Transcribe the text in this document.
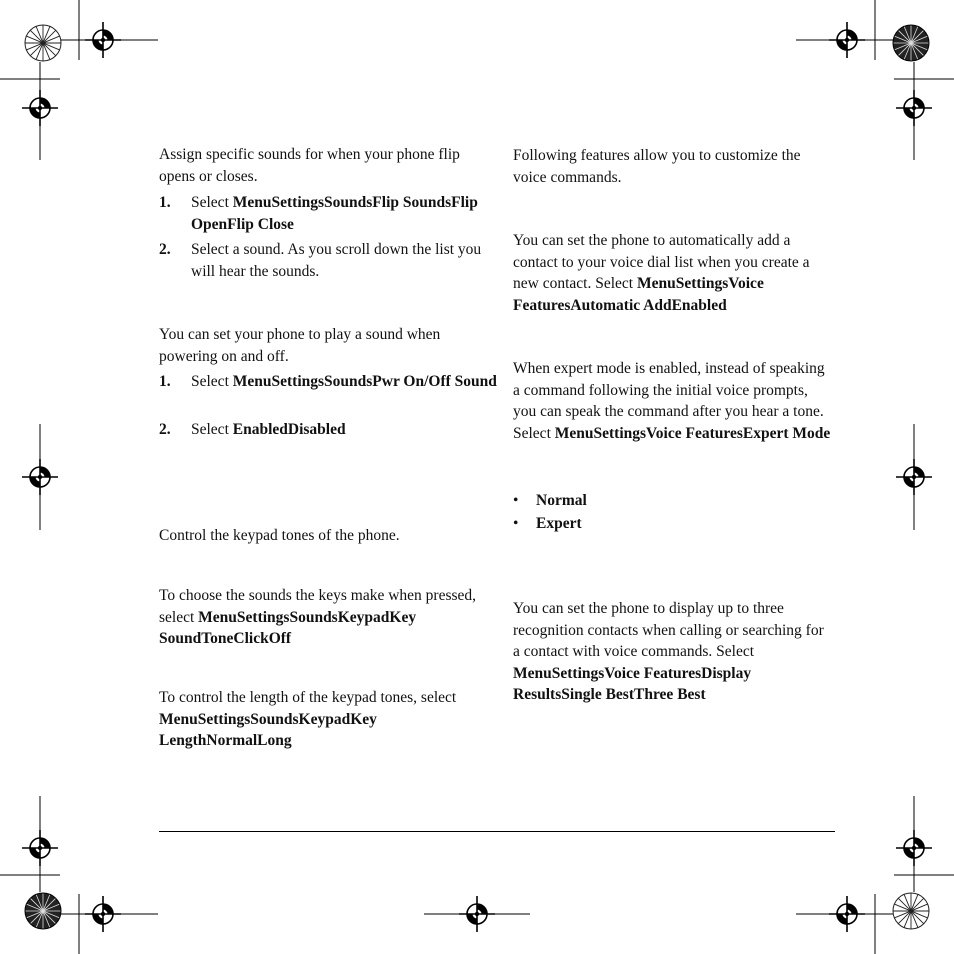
Assign specific sounds for when your phone flip opens or closes.

1. Select MenuSettingsSoundsFlip SoundsFlip OpenFlip Close
2. Select a sound. As you scroll down the list you will hear the sounds.

You can set your phone to play a sound when powering on and off.

1. Select MenuSettingsSoundsPwr On/Off Sound
2. Select EnabledDisabled

Control the keypad tones of the phone.

To choose the sounds the keys make when pressed, select MenuSettingsSoundsKeypadKey SoundToneClickOff

To control the length of the keypad tones, select MenuSettingsSoundsKeypadKey LengthNormalLong

Following features allow you to customize the voice commands.

You can set the phone to automatically add a contact to your voice dial list when you create a new contact. Select MenuSettingsVoice FeaturesAutomatic AddEnabled

When expert mode is enabled, instead of speaking a command following the initial voice prompts, you can speak the command after you hear a tone. Select MenuSettingsVoice FeaturesExpert Mode

• Normal
• Expert

You can set the phone to display up to three recognition contacts when calling or searching for a contact with voice commands. Select MenuSettingsVoice FeaturesDisplay ResultsSingle BestThree Best
